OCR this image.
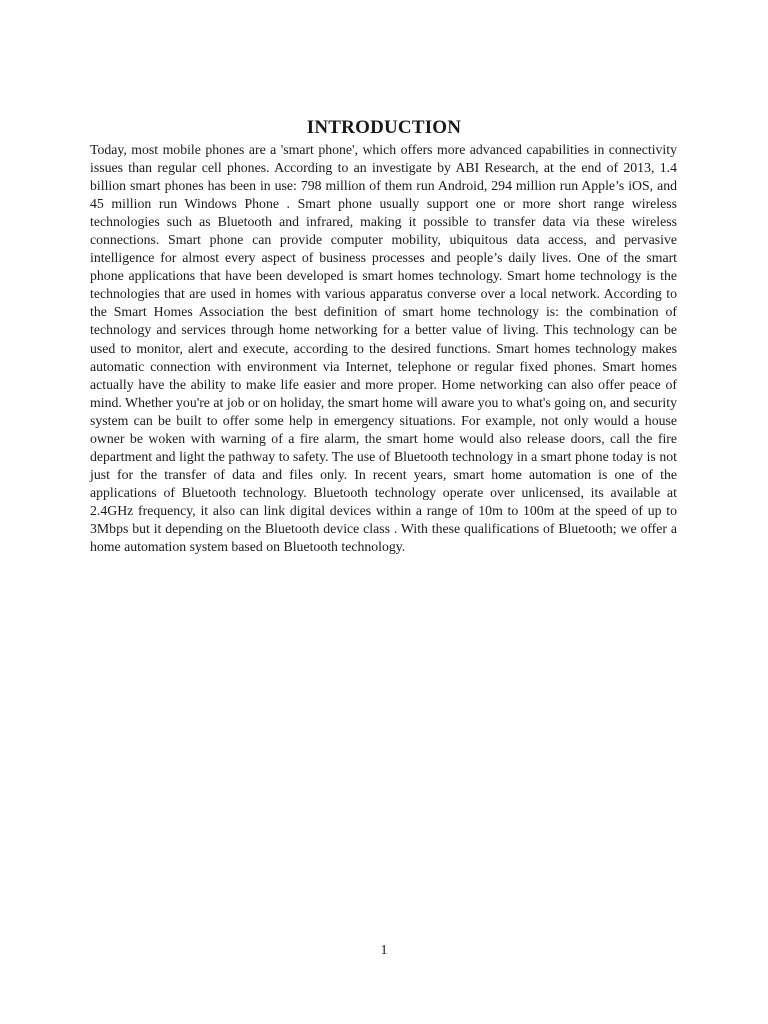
INTRODUCTION

Today, most mobile phones are a 'smart phone', which offers more advanced capabilities in connectivity issues than regular cell phones. According to an investigate by ABI Research, at the end of 2013, 1.4 billion smart phones has been in use: 798 million of them run Android, 294 million run Apple’s iOS, and 45 million run Windows Phone . Smart phone usually support one or more short range wireless technologies such as Bluetooth and infrared, making it possible to transfer data via these wireless connections. Smart phone can provide computer mobility, ubiquitous data access, and pervasive intelligence for almost every aspect of business processes and people’s daily lives. One of the smart phone applications that have been developed is smart homes technology. Smart home technology is the technologies that are used in homes with various apparatus converse over a local network. According to the Smart Homes Association the best definition of smart home technology is: the combination of technology and services through home networking for a better value of living. This technology can be used to monitor, alert and execute, according to the desired functions. Smart homes technology makes automatic connection with environment via Internet, telephone or regular fixed phones. Smart homes actually have the ability to make life easier and more proper. Home networking can also offer peace of mind. Whether you're at job or on holiday, the smart home will aware you to what's going on, and security system can be built to offer some help in emergency situations. For example, not only would a house owner be woken with warning of a fire alarm, the smart home would also release doors, call the fire department and light the pathway to safety. The use of Bluetooth technology in a smart phone today is not just for the transfer of data and files only. In recent years, smart home automation is one of the applications of Bluetooth technology. Bluetooth technology operate over unlicensed, its available at 2.4GHz frequency, it also can link digital devices within a range of 10m to 100m at the speed of up to 3Mbps but it depending on the Bluetooth device class . With these qualifications of Bluetooth; we offer a home automation system based on Bluetooth technology.

1
